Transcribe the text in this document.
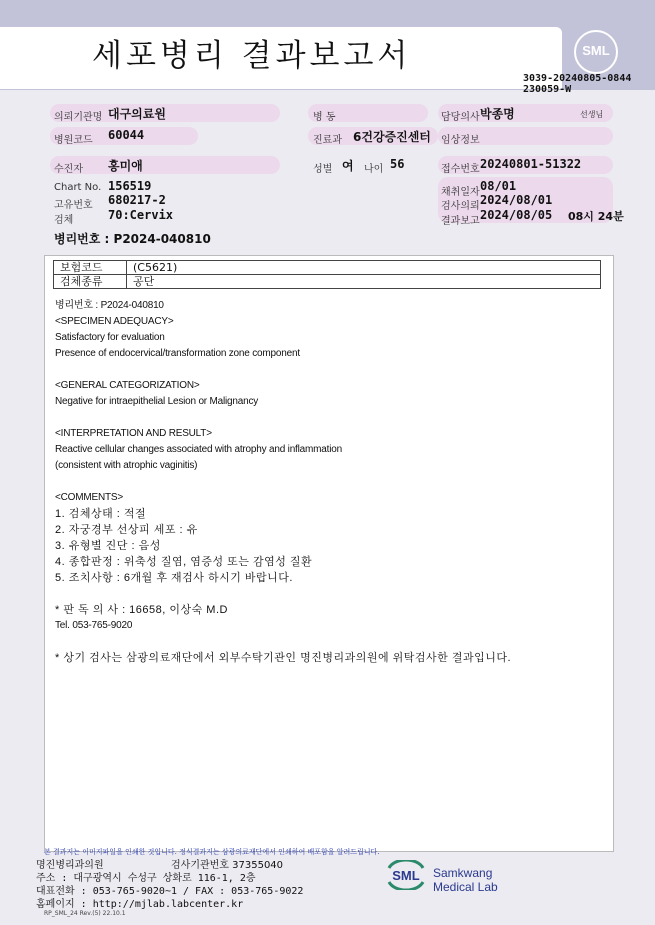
세포병리 결과보고서	SML
3039-20240805-0844
230059-W
의뢰기관명 대구의료원	병 동	담당의사 박종명	선생님
병원코드 60044	진료과 6건강증진센터 임상정보
수진자 홍미애	성별 여 나이 56	접수번호 20240801-51322
Chart No. 156519
고유번호 680217-2
검체	70:Cervix
채취일자 08/01
검사의뢰 2024/08/01
결과보고 2024/08/05 08시 24분
병리번호 : P2024-040810
보험코드	(C5621)
검체종류	공단
병리번호 : P2024-040810
<SPECIMEN ADEQUACY>
Satisfactory for evaluation
Presence of endocervical/transformation zone component
<GENERAL CATEGORIZATION>
Negative for intraepithelial Lesion or Malignancy
<INTERPRETATION AND RESULT>
Reactive cellular changes associated with atrophy and inflammation
(consistent with atrophic vaginitis)
<COMMENTS>
1. 검체상태 : 적절
2. 자궁경부 선상피 세포 : 유
3. 유형별 진단 : 음성
4. 종합판정 : 위축성 질염, 염증성 또는 감염성 질환
5. 조치사항 : 6개월 후 재검사 하시기 바랍니다.
* 판 독 의 사 : 16658, 이상숙 M.D
Tel. 053-765-9020
* 상기 검사는 삼광의료재단에서 외부수탁기관인 명진병리과의원에 위탁검사한 결과입니다.
본 결과지는 이미지파일을 인쇄한 것입니다. 정식결과지는 삼광의료재단에서 인쇄하여 배포함을 알려드립니다.
명진병리과의원	검사기관번호 37355040
주소 : 대구광역시 수성구 상화로 116-1, 2층
대표전화 : 053-765-9020~1 / FAX : 053-765-9022
홈페이지 : http://mjlab.labcenter.kr
RP_SML_24 Rev.(5) 22.10.1
SML Samkwang
Medical Lab
